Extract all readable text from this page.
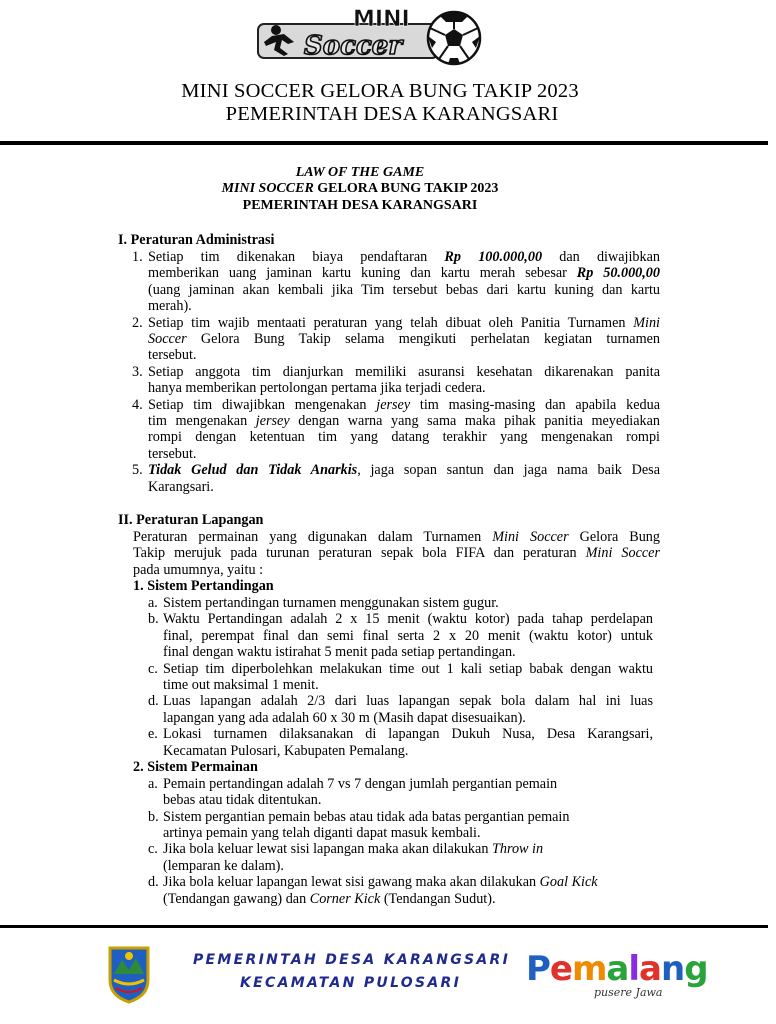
MINI
Soccer
MINI SOCCER GELORA BUNG TAKIP 2023
PEMERINTAH DESA KARANGSARI
LAW OF THE GAME
MINI SOCCER GELORA BUNG TAKIP 2023
PEMERINTAH DESA KARANGSARI
I. Peraturan Administrasi
1. Setiap tim dikenakan biaya pendaftaran Rp 100.000,00 dan diwajibkan
memberikan uang jaminan kartu kuning dan kartu merah sebesar Rp 50.000,00
(uang jaminan akan kembali jika Tim tersebut bebas dari kartu kuning dan kartu
merah).
2. Setiap tim wajib mentaati peraturan yang telah dibuat oleh Panitia Turnamen Mini
Soccer Gelora Bung Takip selama mengikuti perhelatan kegiatan turnamen
tersebut.
3. Setiap anggota tim dianjurkan memiliki asuransi kesehatan dikarenakan panita
hanya memberikan pertolongan pertama jika terjadi cedera.
4. Setiap tim diwajibkan mengenakan jersey tim masing-masing dan apabila kedua
tim mengenakan jersey dengan warna yang sama maka pihak panitia meyediakan
rompi dengan ketentuan tim yang datang terakhir yang mengenakan rompi
tersebut.
5. Tidak Gelud dan Tidak Anarkis, jaga sopan santun dan jaga nama baik Desa
Karangsari.
II. Peraturan Lapangan
Peraturan permainan yang digunakan dalam Turnamen Mini Soccer Gelora Bung
Takip merujuk pada turunan peraturan sepak bola FIFA dan peraturan Mini Soccer
pada umumnya, yaitu :
1. Sistem Pertandingan
a. Sistem pertandingan turnamen menggunakan sistem gugur.
b. Waktu Pertandingan adalah 2 x 15 menit (waktu kotor) pada tahap perdelapan
final, perempat final dan semi final serta 2 x 20 menit (waktu kotor) untuk
final dengan waktu istirahat 5 menit pada setiap pertandingan.
c. Setiap tim diperbolehkan melakukan time out 1 kali setiap babak dengan waktu
time out maksimal 1 menit.
d. Luas lapangan adalah 2/3 dari luas lapangan sepak bola dalam hal ini luas
lapangan yang ada adalah 60 x 30 m (Masih dapat disesuaikan).
e. Lokasi turnamen dilaksanakan di lapangan Dukuh Nusa, Desa Karangsari,
Kecamatan Pulosari, Kabupaten Pemalang.
2. Sistem Permainan
a. Pemain pertandingan adalah 7 vs 7 dengan jumlah pergantian pemain
bebas atau tidak ditentukan.
b. Sistem pergantian pemain bebas atau tidak ada batas pergantian pemain
artinya pemain yang telah diganti dapat masuk kembali.
c. Jika bola keluar lewat sisi lapangan maka akan dilakukan Throw in
(lemparan ke dalam).
d. Jika bola keluar lapangan lewat sisi gawang maka akan dilakukan Goal Kick
(Tendangan gawang) dan Corner Kick (Tendangan Sudut).
PEMERINTAH DESA KARANGSARI
KECAMATAN PULOSARI Pemalang
pusere Jawa
